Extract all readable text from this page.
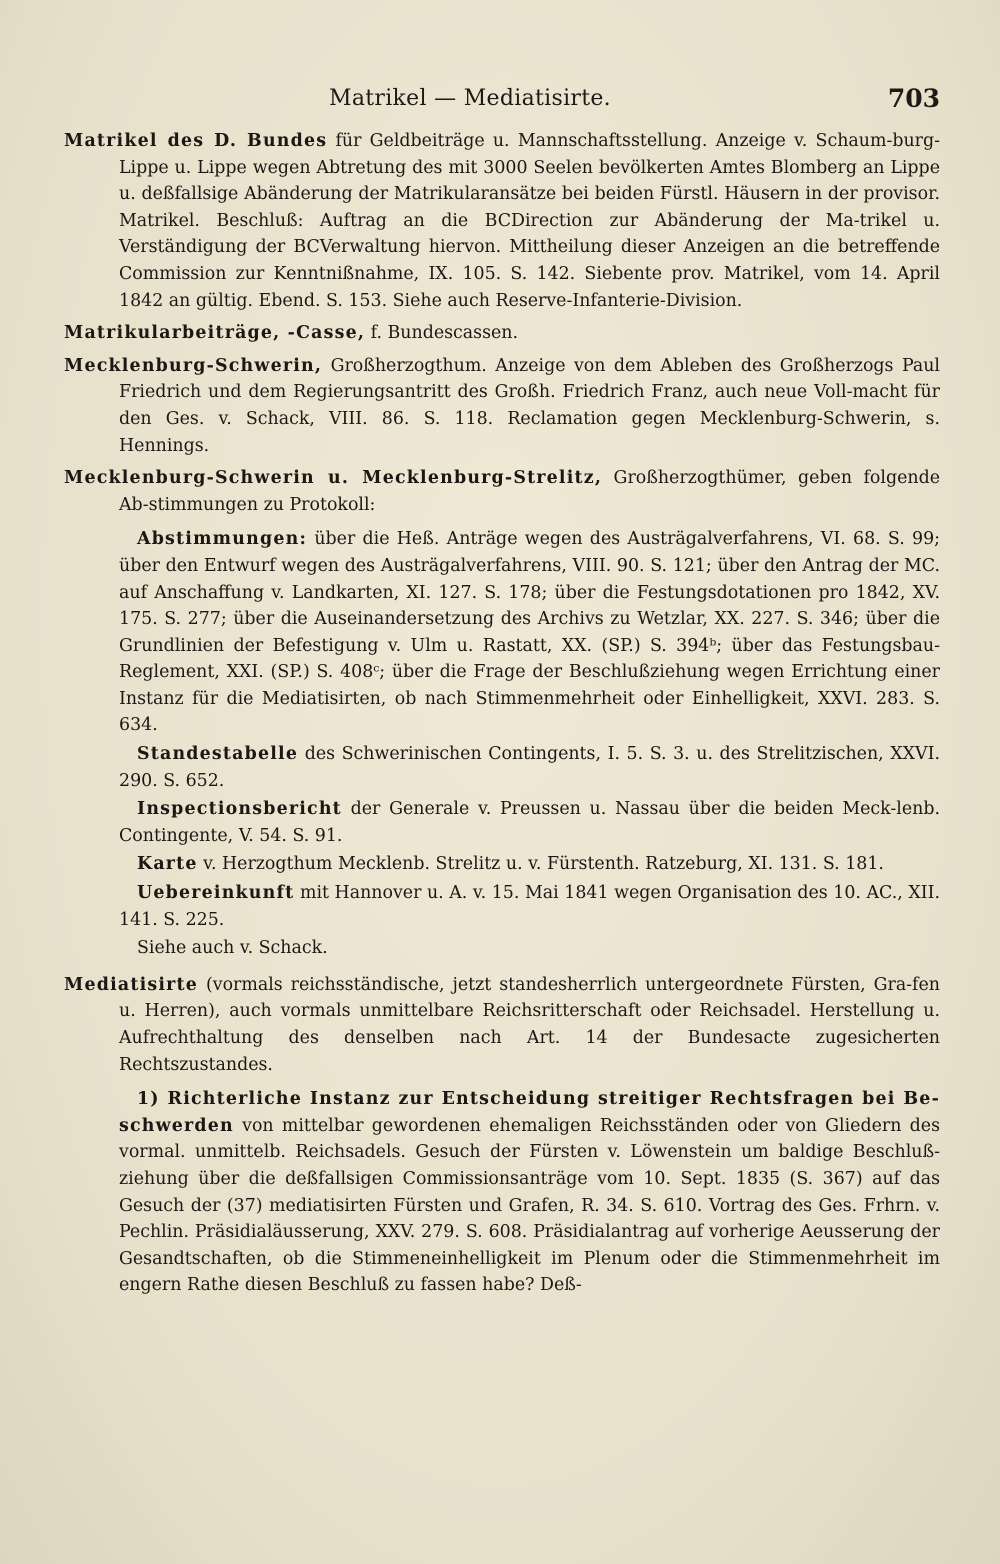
Matrikel — Mediatisirte.	703

Matrikel des D. Bundes für Geldbeiträge u. Mannschaftsstellung. Anzeige v. Schaum-burg-Lippe u. Lippe wegen Abtretung des mit 3000 Seelen bevölkerten Amtes Blomberg an Lippe u. deßfallsige Abänderung der Matrikularansätze bei beiden Fürstl. Häusern in der provisor. Matrikel. Beschluß: Auftrag an die BCDirection zur Abänderung der Ma-trikel u. Verständigung der BCVerwaltung hiervon. Mittheilung dieser Anzeigen an die betreffende Commission zur Kenntnißnahme, IX. 105. S. 142. Siebente prov. Matrikel, vom 14. April 1842 an gültig. Ebend. S. 153. Siehe auch Reserve-Infanterie-Division.

Matrikularbeiträge, -Casse, f. Bundescassen.

Mecklenburg-Schwerin, Großherzogthum. Anzeige von dem Ableben des Großherzogs Paul Friedrich und dem Regierungsantritt des Großh. Friedrich Franz, auch neue Voll-macht für den Ges. v. Schack, VIII. 86. S. 118. Reclamation gegen Mecklenburg-Schwerin, s. Hennings.

Mecklenburg-Schwerin u. Mecklenburg-Strelitz, Großherzogthümer, geben folgende Ab-stimmungen zu Protokoll:

Abstimmungen: über die Heß. Anträge wegen des Austrägalverfahrens, VI. 68. S. 99; über den Entwurf wegen des Austrägalverfahrens, VIII. 90. S. 121; über den Antrag der MC. auf Anschaffung v. Landkarten, XI. 127. S. 178; über die Festungsdotationen pro 1842, XV. 175. S. 277; über die Auseinandersetzung des Archivs zu Wetzlar, XX. 227. S. 346; über die Grundlinien der Befestigung v. Ulm u. Rastatt, XX. (SP.) S. 394ᵇ; über das Festungsbau-Reglement, XXI. (SP.) S. 408ᶜ; über die Frage der Beschlußziehung wegen Errichtung einer Instanz für die Mediatisirten, ob nach Stimmenmehrheit oder Einhelligkeit, XXVI. 283. S. 634.

Standestabelle des Schwerinischen Contingents, I. 5. S. 3. u. des Strelitzischen, XXVI. 290. S. 652.

Inspectionsbericht der Generale v. Preussen u. Nassau über die beiden Meck-lenb. Contingente, V. 54. S. 91.

Karte v. Herzogthum Mecklenb. Strelitz u. v. Fürstenth. Ratzeburg, XI. 131. S. 181.

Uebereinkunft mit Hannover u. A. v. 15. Mai 1841 wegen Organisation des 10. AC., XII. 141. S. 225.

Siehe auch v. Schack.

Mediatisirte (vormals reichsständische, jetzt standesherrlich untergeordnete Fürsten, Gra-fen u. Herren), auch vormals unmittelbare Reichsritterschaft oder Reichsadel. Herstellung u. Aufrechthaltung des denselben nach Art. 14 der Bundesacte zugesicherten Rechtszustandes.

1) Richterliche Instanz zur Entscheidung streitiger Rechtsfragen bei Be-schwerden von mittelbar gewordenen ehemaligen Reichsständen oder von Gliedern des vormal. unmittelb. Reichsadels. Gesuch der Fürsten v. Löwenstein um baldige Beschluß-ziehung über die deßfallsigen Commissionsanträge vom 10. Sept. 1835 (S. 367) auf das Gesuch der (37) mediatisirten Fürsten und Grafen, R. 34. S. 610. Vortrag des Ges. Frhrn. v. Pechlin. Präsidialäusserung, XXV. 279. S. 608. Präsidialantrag auf vorherige Aeusserung der Gesandtschaften, ob die Stimmeneinhelligkeit im Plenum oder die Stimmenmehrheit im engern Rathe diesen Beschluß zu fassen habe? Deß-
